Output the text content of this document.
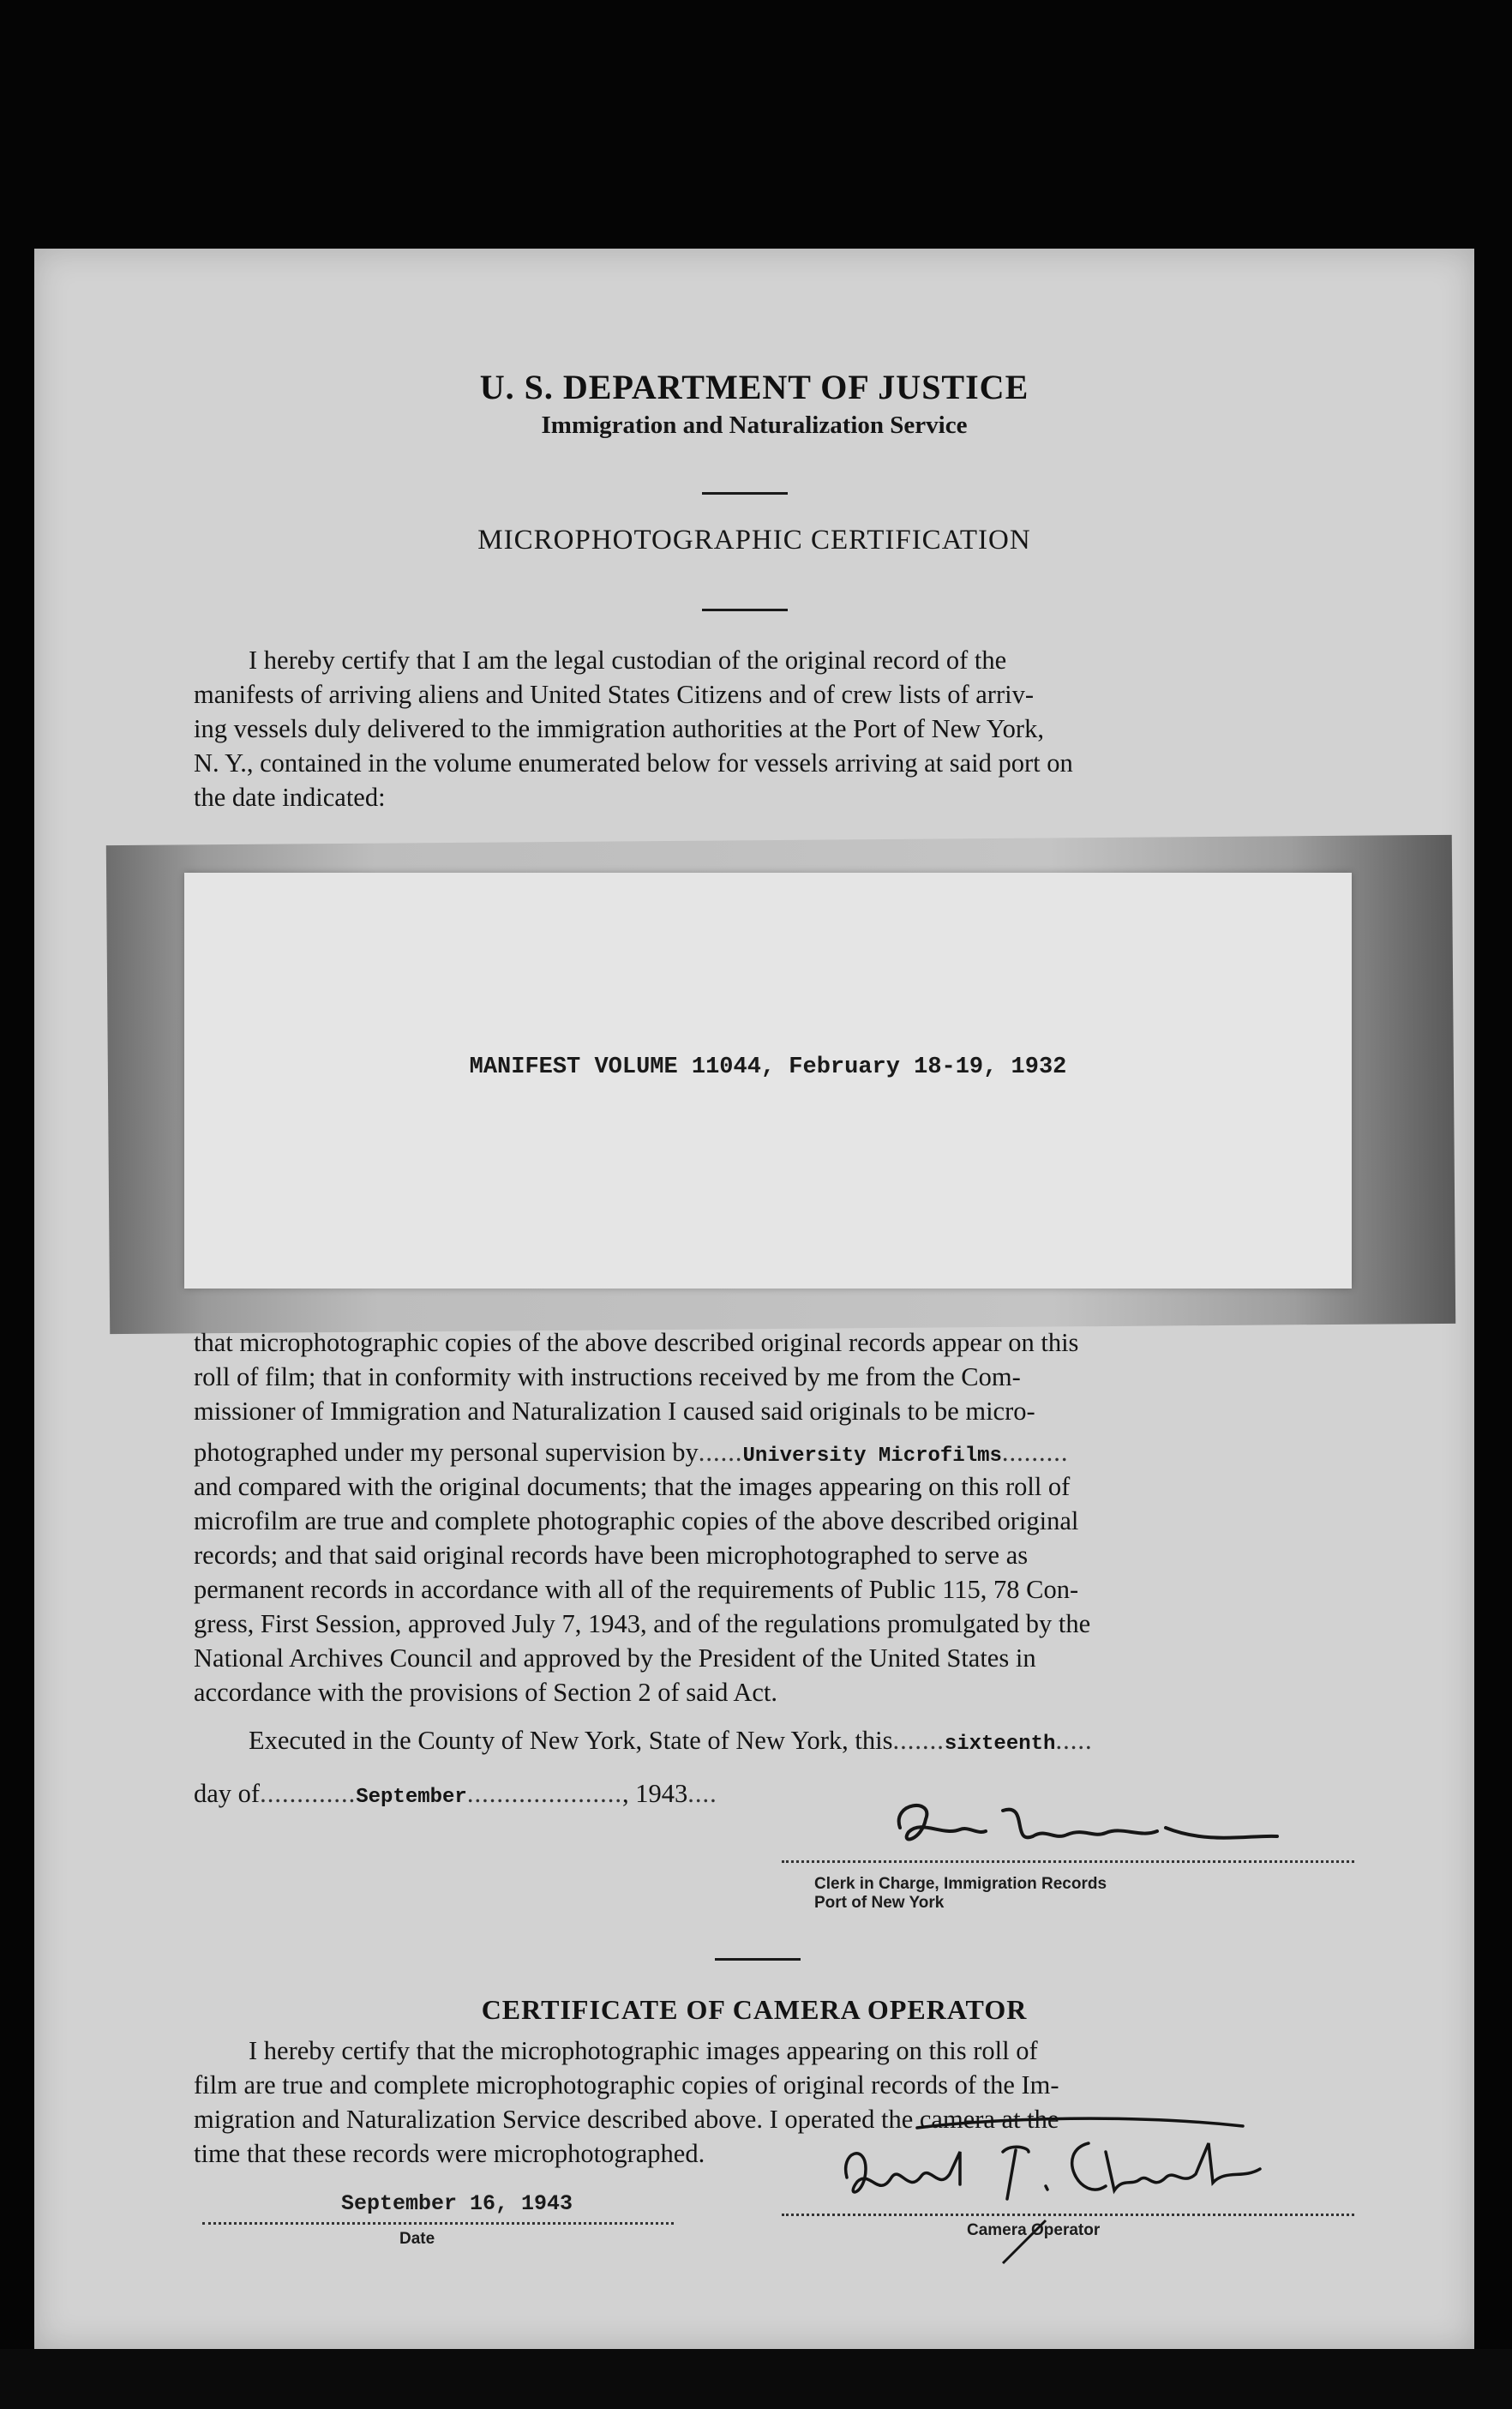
U. S. DEPARTMENT OF JUSTICE
Immigration and Naturalization Service
MICROPHOTOGRAPHIC CERTIFICATION
I hereby certify that I am the legal custodian of the original record of the
manifests of arriving aliens and United States Citizens and of crew lists of arriv-
ing vessels duly delivered to the immigration authorities at the Port of New York,
N. Y., contained in the volume enumerated below for vessels arriving at said port on
the date indicated:
MANIFEST VOLUME 11044, February 18-19, 1932
that microphotographic copies of the above described original records appear on this
roll of film; that in conformity with instructions received by me from the Com-
missioner of Immigration and Naturalization I caused said originals to be micro-
photographed under my personal supervision by......University Microfilms.........
and compared with the original documents; that the images appearing on this roll of
microfilm are true and complete photographic copies of the above described original
records; and that said original records have been microphotographed to serve as
permanent records in accordance with all of the requirements of Public 115, 78 Con-
gress, First Session, approved July 7, 1943, and of the regulations promulgated by the
National Archives Council and approved by the President of the United States in
accordance with the provisions of Section 2 of said Act.
Executed in the County of New York, State of New York, this.......sixteenth.....
day of.............September....................., 1943....
Clerk in Charge, Immigration Records
Port of New York
CERTIFICATE OF CAMERA OPERATOR
I hereby certify that the microphotographic images appearing on this roll of
film are true and complete microphotographic copies of original records of the Im-
migration and Naturalization Service described above. I operated the camera at the
time that these records were microphotographed.
September 16, 1943
Date	Camera Operator
